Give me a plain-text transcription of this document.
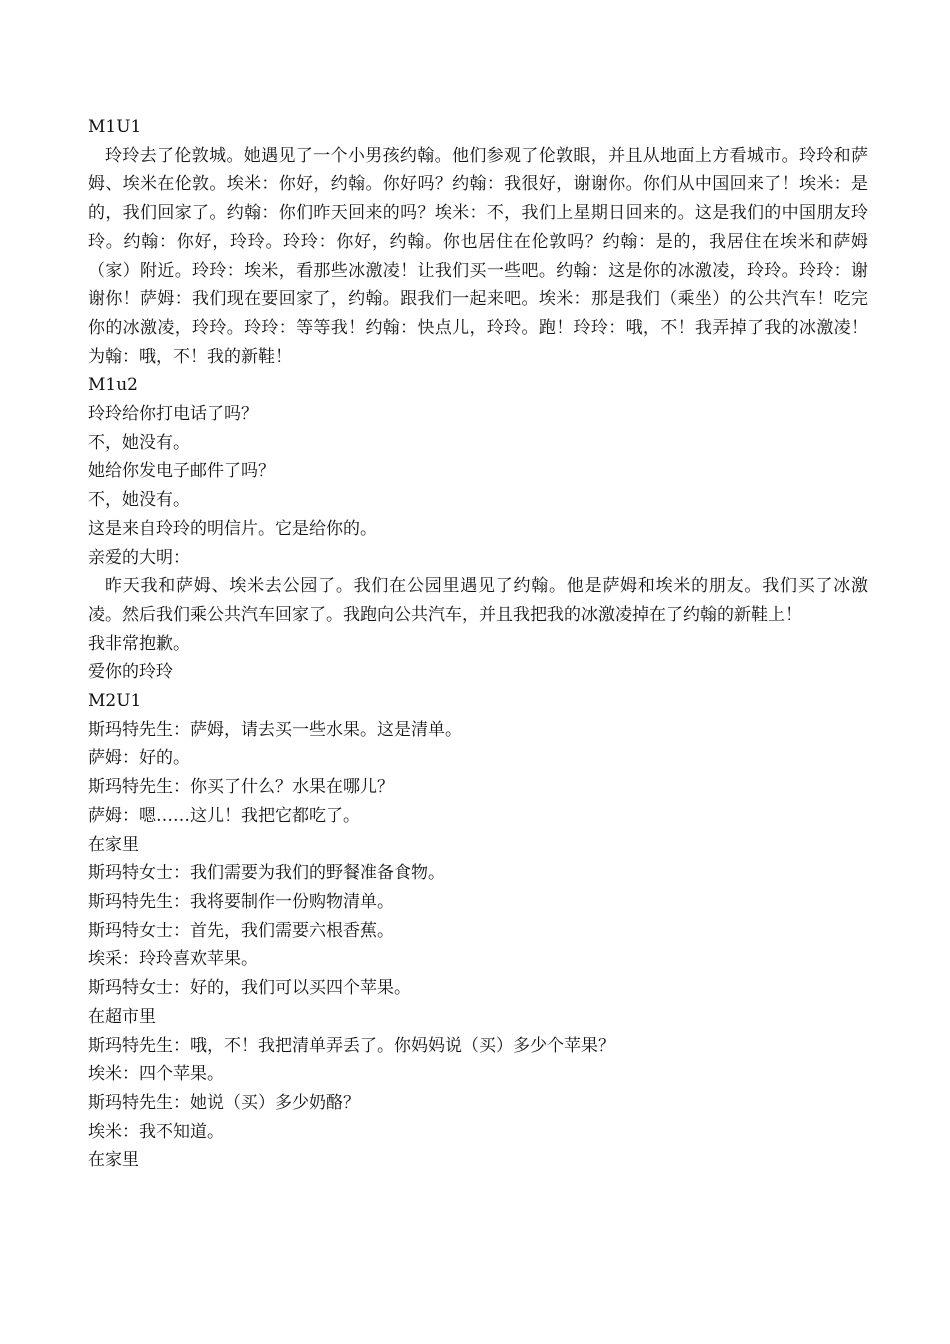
M1U1

玲玲去了伦敦城。她遇见了一个小男孩约翰。他们参观了伦敦眼，并且从地面上方看城市。玲玲和萨姆、埃米在伦敦。埃米：你好，约翰。你好吗？约翰：我很好，谢谢你。你们从中国回来了！埃米：是的，我们回家了。约翰：你们昨天回来的吗？埃米：不，我们上星期日回来的。这是我们的中国朋友玲玲。约翰：你好，玲玲。玲玲：你好，约翰。你也居住在伦敦吗？约翰：是的，我居住在埃米和萨姆（家）附近。玲玲：埃米，看那些冰激凌！让我们买一些吧。约翰：这是你的冰激凌，玲玲。玲玲：谢谢你！萨姆：我们现在要回家了，约翰。跟我们一起来吧。埃米：那是我们（乘坐）的公共汽车！吃完你的冰激凌，玲玲。玲玲：等等我！约翰：快点儿，玲玲。跑！玲玲：哦，不！我弄掉了我的冰激凌！为翰：哦，不！我的新鞋！

M1u2

玲玲给你打电话了吗？

不，她没有。

她给你发电子邮件了吗？

不，她没有。

这是来自玲玲的明信片。它是给你的。

亲爱的大明：

昨天我和萨姆、埃米去公园了。我们在公园里遇见了约翰。他是萨姆和埃米的朋友。我们买了冰激凌。然后我们乘公共汽车回家了。我跑向公共汽车，并且我把我的冰激凌掉在了约翰的新鞋上！

我非常抱歉。

爱你的玲玲

M2U1

斯玛特先生：萨姆，请去买一些水果。这是清单。

萨姆：好的。

斯玛特先生：你买了什么？水果在哪儿？

萨姆：嗯……这儿！我把它都吃了。

在家里

斯玛特女士：我们需要为我们的野餐准备食物。

斯玛特先生：我将要制作一份购物清单。

斯玛特女士：首先，我们需要六根香蕉。

埃采：玲玲喜欢苹果。

斯玛特女士：好的，我们可以买四个苹果。

在超市里

斯玛特先生：哦，不！我把清单弄丢了。你妈妈说（买）多少个苹果？

埃米：四个苹果。

斯玛特先生：她说（买）多少奶酪？

埃米：我不知道。

在家里
